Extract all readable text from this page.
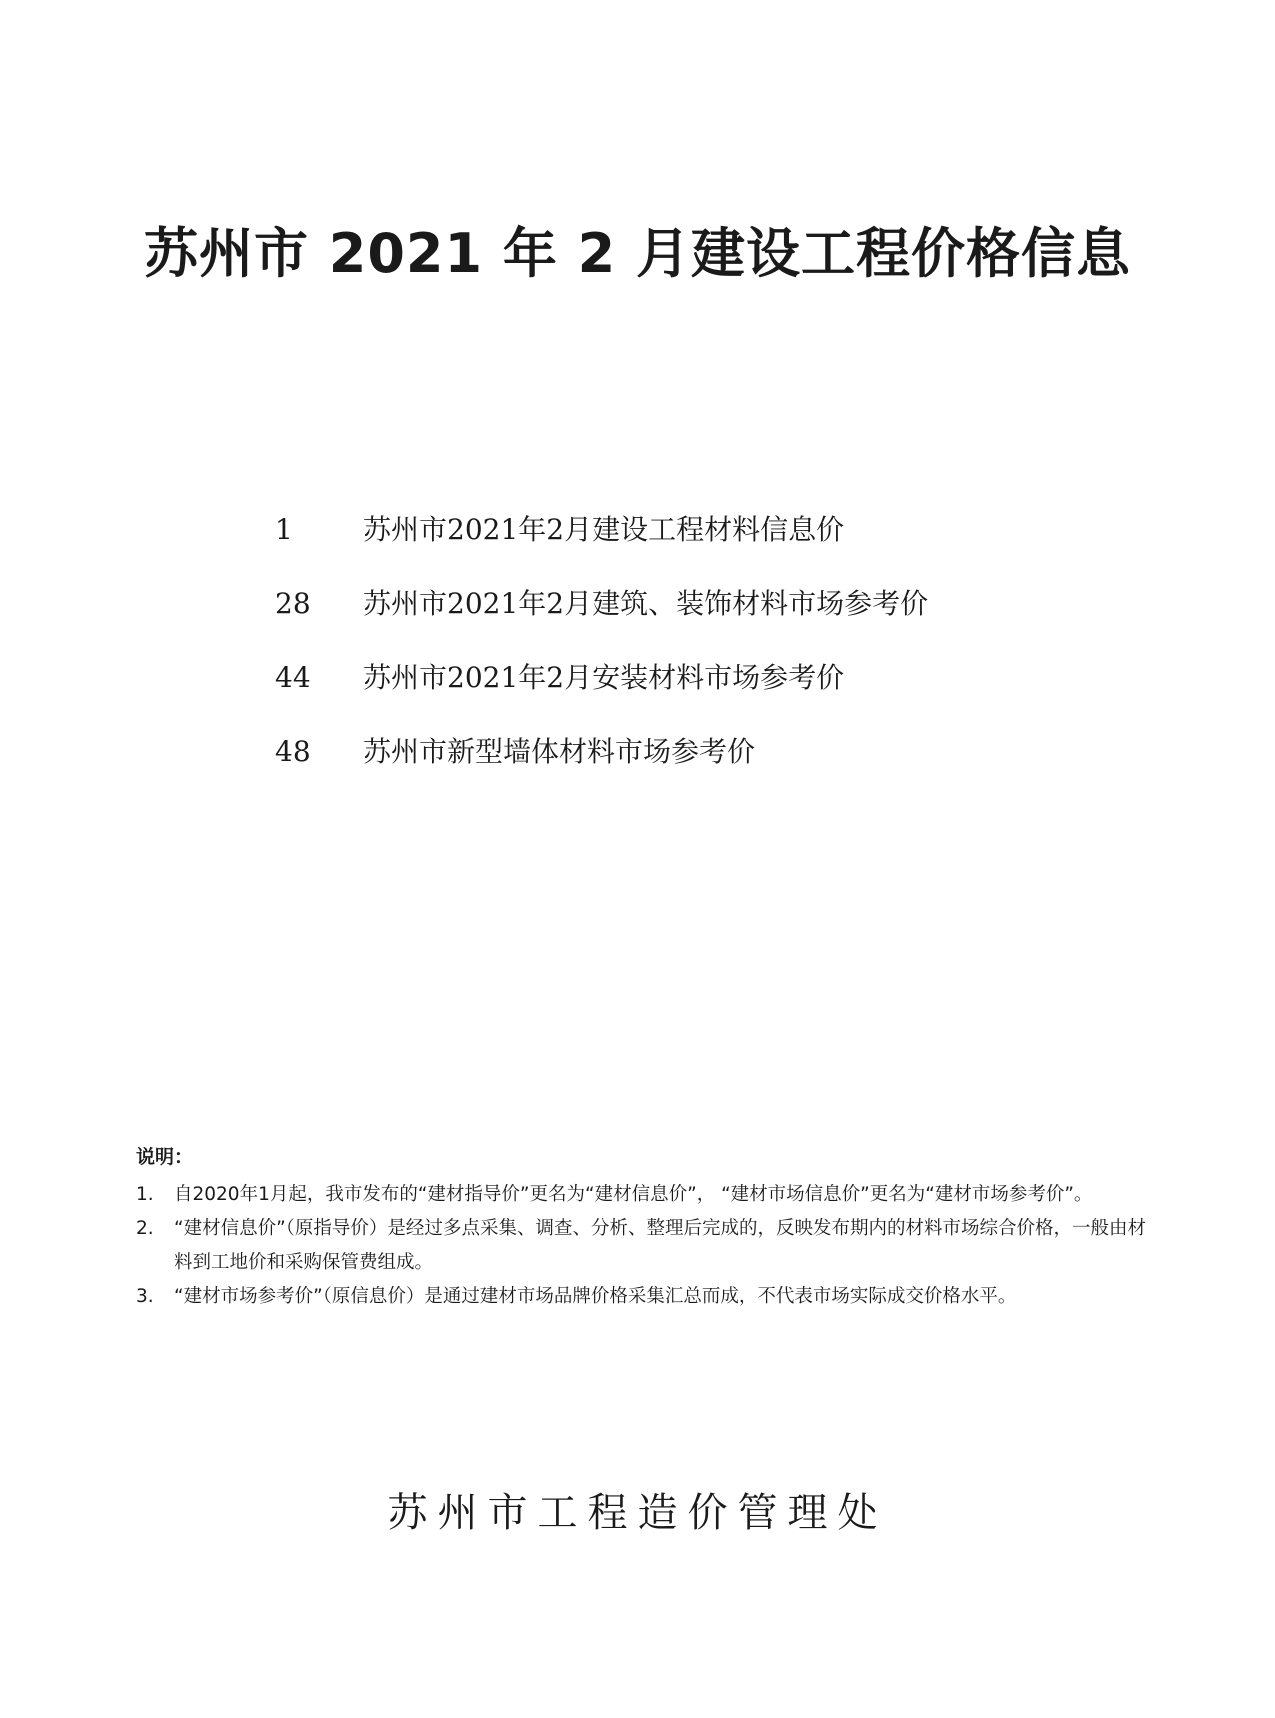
苏州市 2021 年 2 月建设工程价格信息
1	苏州市2021年2月建设工程材料信息价
28	苏州市2021年2月建筑、装饰材料市场参考价
44	苏州市2021年2月安装材料市场参考价
48	苏州市新型墙体材料市场参考价

说明：

1.	自2020年1月起，我市发布的“建材指导价”更名为“建材信息价”， “建材市场信息价”更名为“建材市场参考价”。

2.	“建材信息价”（原指导价）是经过多点采集、调查、分析、整理后完成的，反映发布期内的材料市场综合价格，一般由材料到工地价和采购保管费组成。

3.	“建材市场参考价”（原信息价）是通过建材市场品牌价格采集汇总而成，不代表市场实际成交价格水平。

苏州市工程造价管理处
